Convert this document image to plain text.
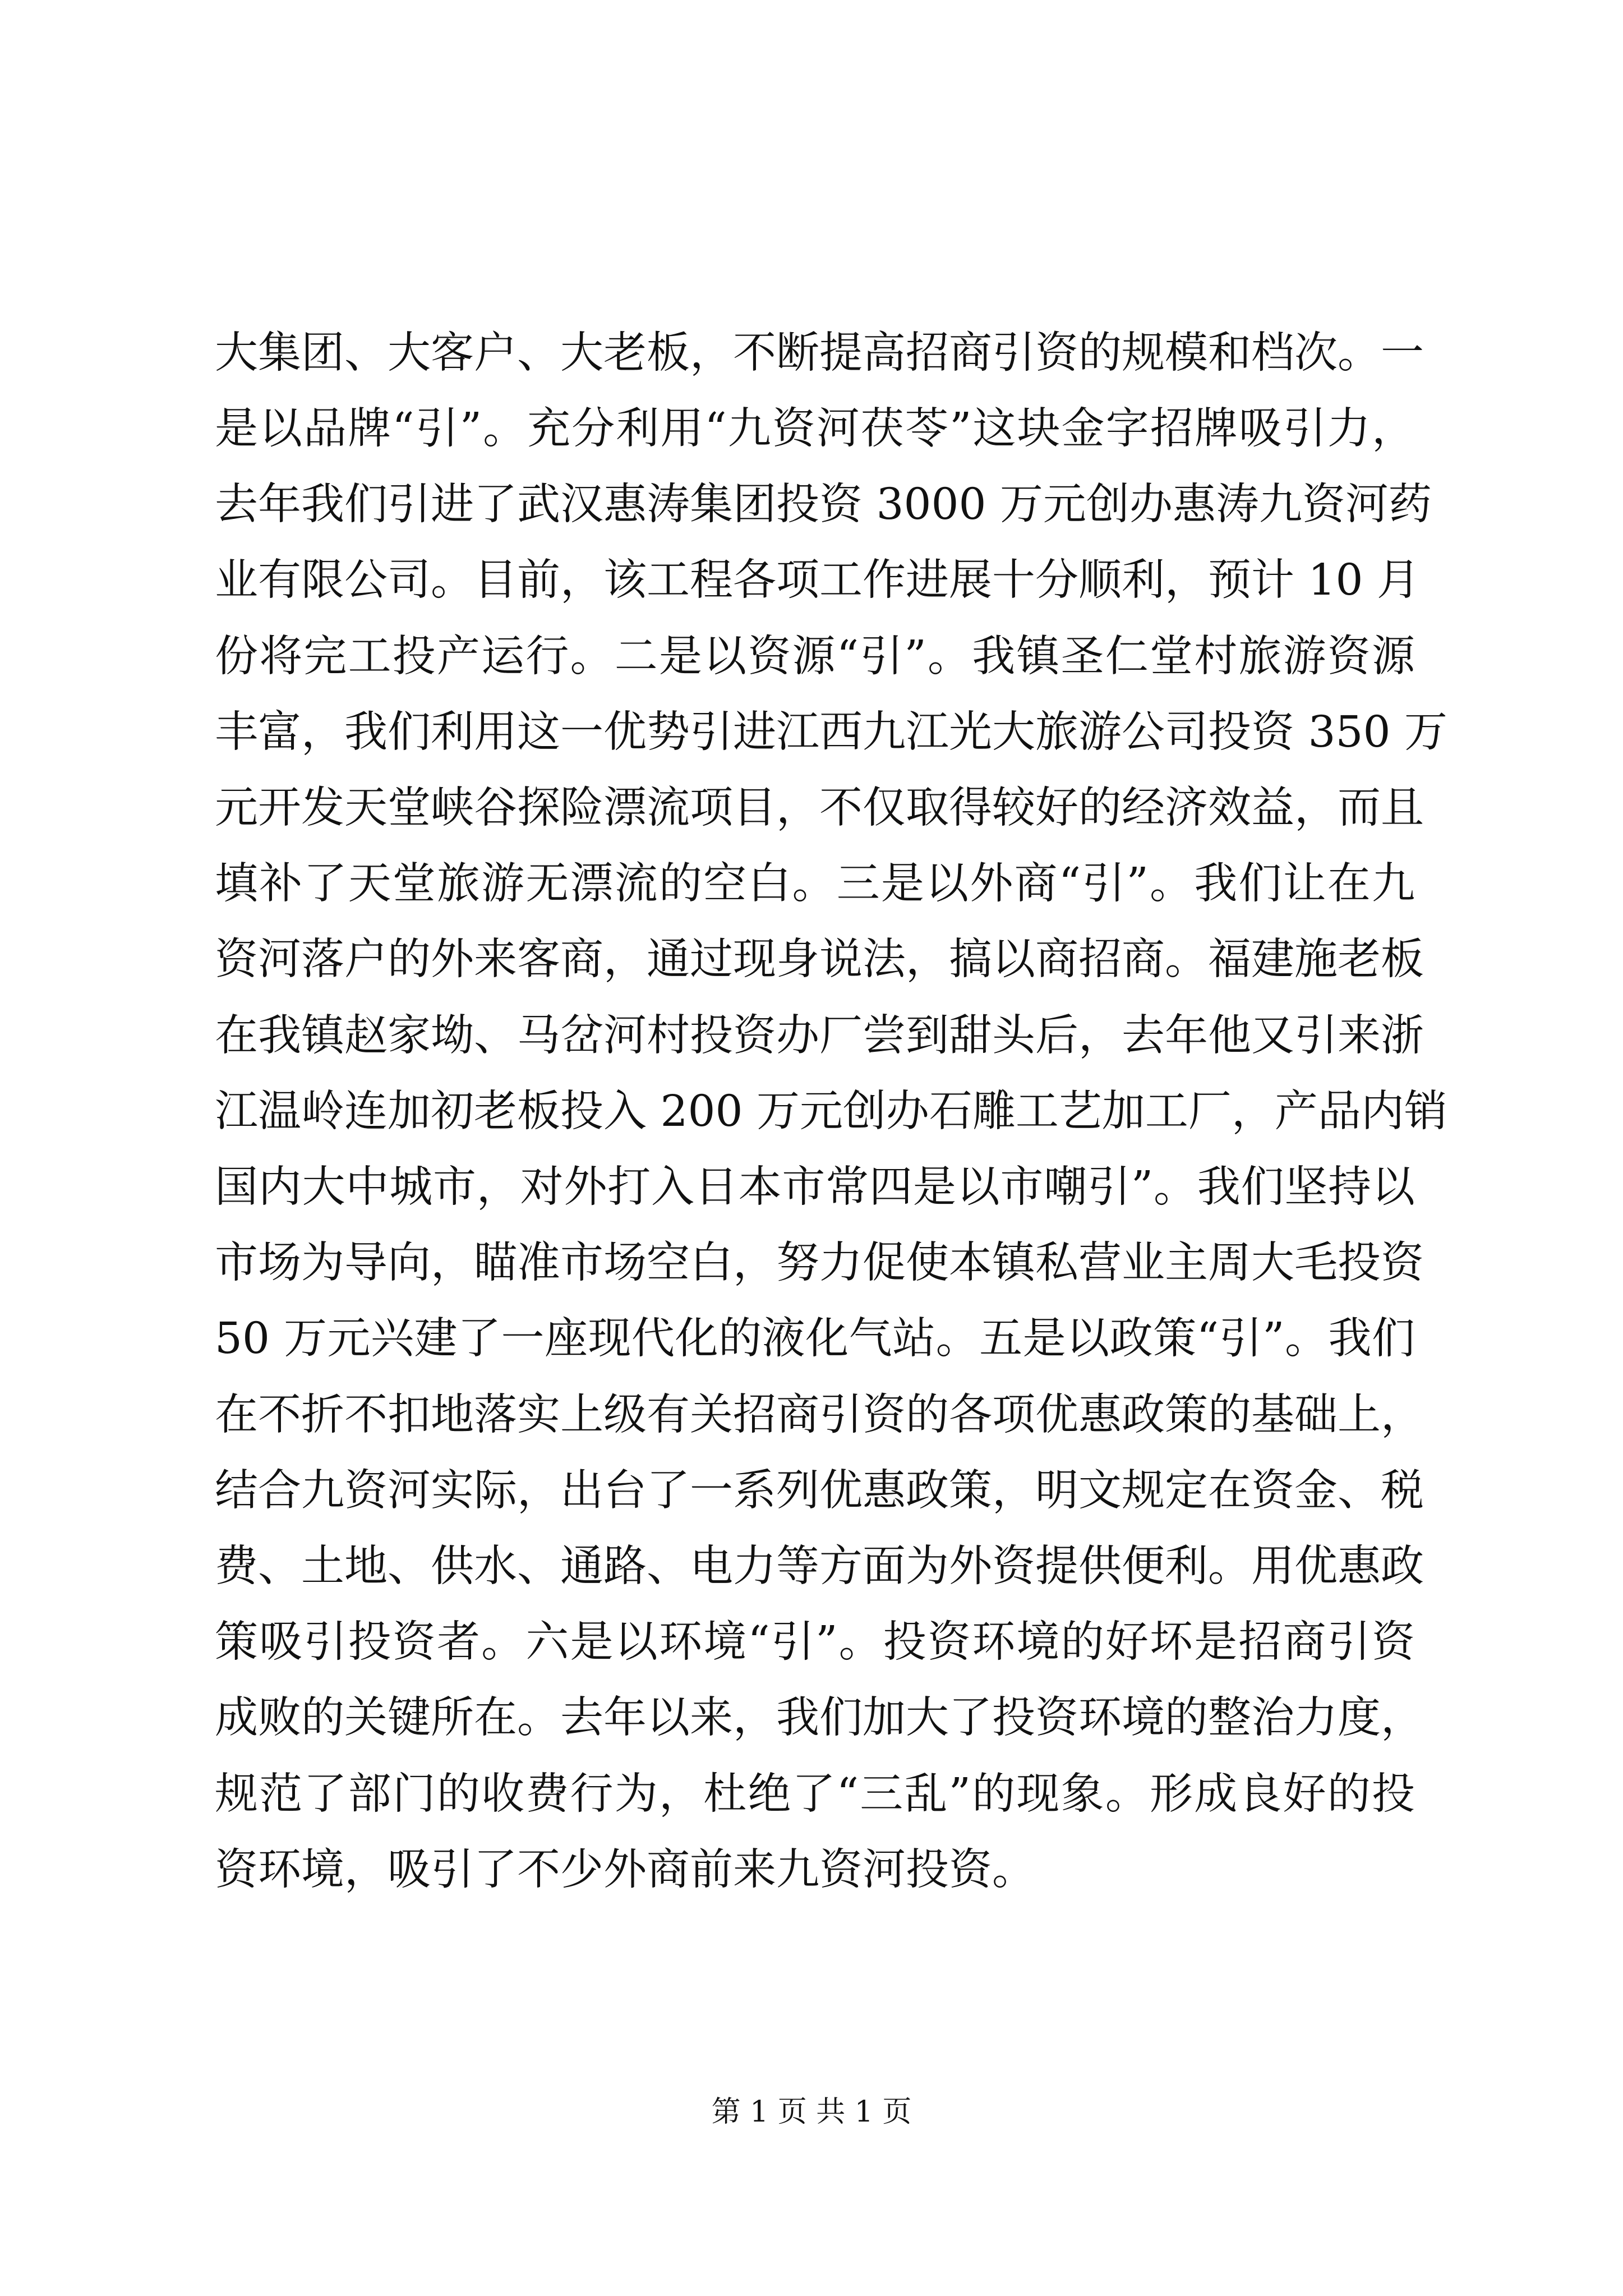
大集团、大客户、大老板，不断提高招商引资的规模和档次。一
是以品牌“引”。充分利用“九资河茯苓”这块金字招牌吸引力，
去年我们引进了武汉惠涛集团投资 3000 万元创办惠涛九资河药
业有限公司。目前，该工程各项工作进展十分顺利，预计 10 月
份将完工投产运行。二是以资源“引”。我镇圣仁堂村旅游资源
丰富，我们利用这一优势引进江西九江光大旅游公司投资 350 万
元开发天堂峡谷探险漂流项目，不仅取得较好的经济效益，而且
填补了天堂旅游无漂流的空白。三是以外商“引”。我们让在九
资河落户的外来客商，通过现身说法，搞以商招商。福建施老板
在我镇赵家坳、马岔河村投资办厂尝到甜头后，去年他又引来浙
江温岭连加初老板投入 200 万元创办石雕工艺加工厂，产品内销
国内大中城市，对外打入日本市常四是以市嘲引”。我们坚持以
市场为导向，瞄准市场空白，努力促使本镇私营业主周大毛投资
50 万元兴建了一座现代化的液化气站。五是以政策“引”。我们
在不折不扣地落实上级有关招商引资的各项优惠政策的基础上，
结合九资河实际，出台了一系列优惠政策，明文规定在资金、税
费、土地、供水、通路、电力等方面为外资提供便利。用优惠政
策吸引投资者。六是以环境“引”。投资环境的好坏是招商引资
成败的关键所在。去年以来，我们加大了投资环境的整治力度，
规范了部门的收费行为，杜绝了“三乱”的现象。形成良好的投
资环境，吸引了不少外商前来九资河投资。
第 1 页 共 1 页
